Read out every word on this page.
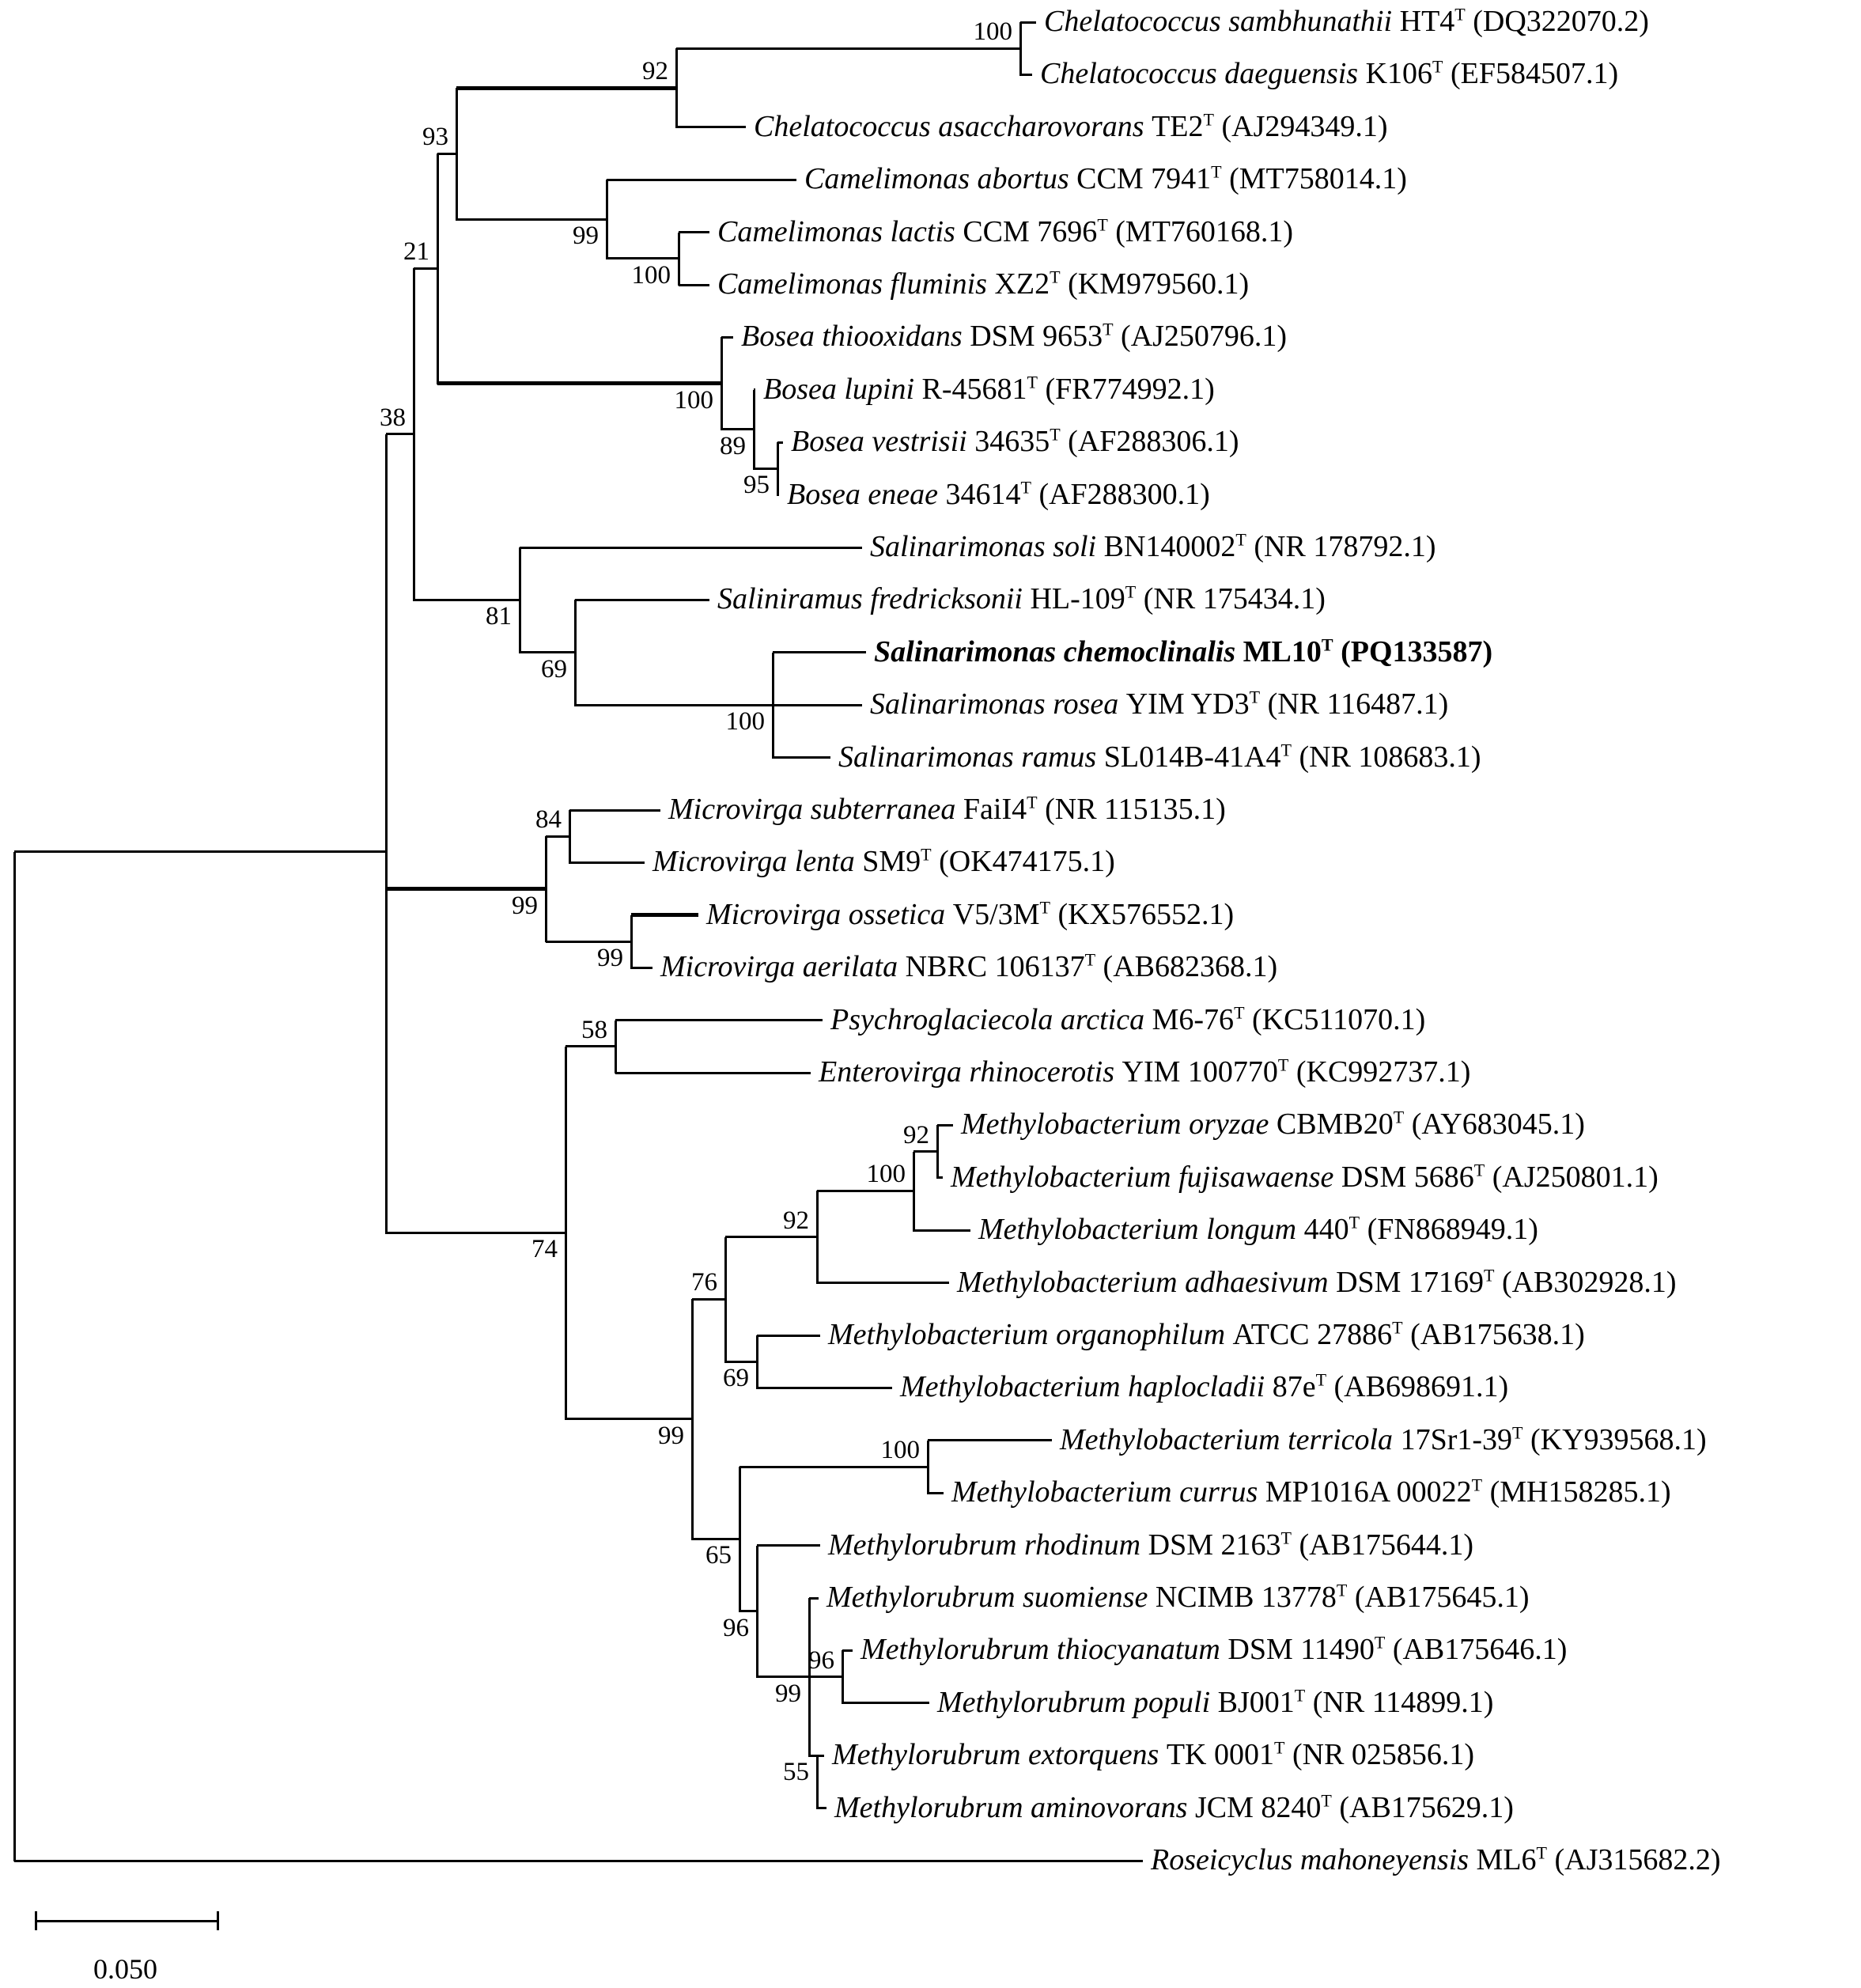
0.050
38
21
93
92
100 Chelatococcus sambhunathii $HT4^T$ (DQ322070.2)
Chelatococcus daeguensis $K106^T$ (EF584507.1)
Chelatococcus asaccharovorans $TE2^T$ (AJ294349.1)
99
Camelimonas abortus CCM $7941^T$ (MT758014.1)
100
Camelimonas lactis CCM $7696^T$ (MT760168.1)
Camelimonas fluminis $XZ2^T$ (KM979560.1)
100
Bosea thiooxidans DSM $9653^T$ (AJ250796.1)
89
Bosea lupini $R-45681^T$ (FR774992.1)
95
Bosea vestrisii $34635^T$ (AF288306.1)
Bosea eneae $34614^T$ (AF288300.1)
81
Salinarimonas soli $BN140002^T$ (NR 178792.1)
69
Saliniramus fredricksonii $HL-109^T$ (NR 175434.1)
100
Salinarimonas chemoclinalis $ML10^T$ (PQ133587)
Salinarimonas rosea YIM $YD3^T$ (NR 116487.1)
Salinarimonas ramus $SL014B-41A4^T$ (NR 108683.1)
99
84	Microvirga subterranea $FaiI4^T$ (NR 115135.1)
Microvirga lenta $SM9^T$ (OK474175.1)
99
Microvirga ossetica $V5/3M^T$ (KX576552.1)
Microvirga aerilata NBRC $106137^T$ (AB682368.1)
74
58	Psychroglaciecola arctica $M6-76^T$ (KC511070.1)
Enterovirga rhinocerotis YIM $100770^T$ (KC992737.1)
99
76
92
100
92 Methylobacterium oryzae $CBMB20^T$ (AY683045.1)
Methylobacterium fujisawaense DSM $5686^T$ (AJ250801.1)
Methylobacterium longum $440^T$ (FN868949.1)
Methylobacterium adhaesivum DSM $17169^T$ (AB302928.1)
69
Methylobacterium organophilum ATCC $27886^T$ (AB175638.1)
Methylobacterium haplocladii $87e^T$ (AB698691.1)
65
100	Methylobacterium terricola $17Sr1-39^T$ (KY939568.1)
Methylobacterium currus MP1016A $00022^T$ (MH158285.1)
96
Methylorubrum rhodinum DSM $2163^T$ (AB175644.1)
99
Methylorubrum suomiense NCIMB $13778^T$ (AB175645.1)
96 Methylorubrum thiocyanatum DSM $11490^T$ (AB175646.1)
Methylorubrum populi $BJ001^T$ (NR 114899.1)
55
Methylorubrum extorquens TK $0001^T$ (NR 025856.1)
Methylorubrum aminovorans JCM $8240^T$ (AB175629.1)
Roseicyclus mahoneyensis $ML6^T$ (AJ315682.2)
